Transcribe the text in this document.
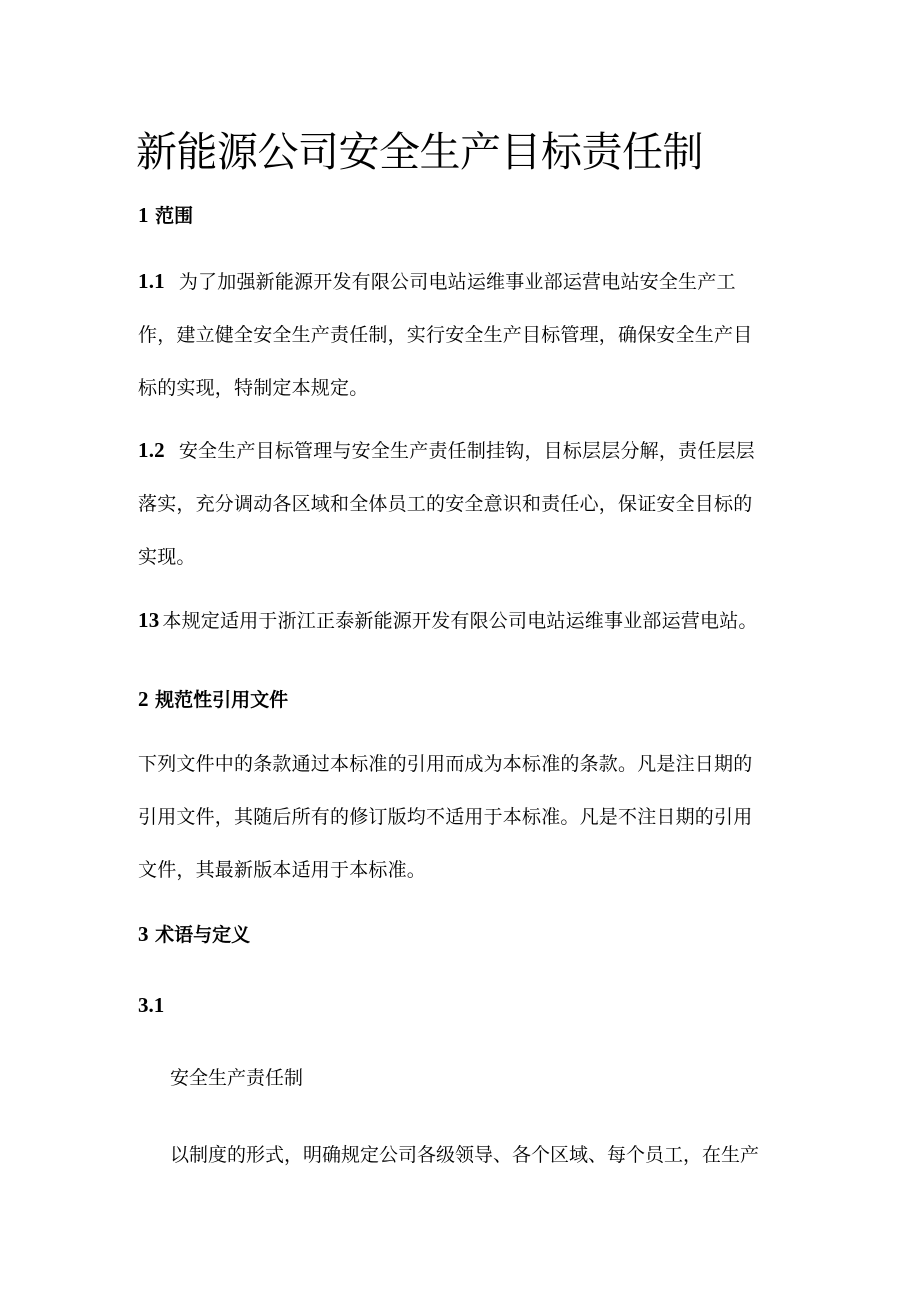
新能源公司安全生产目标责任制
1 范围
1.1 为了加强新能源开发有限公司电站运维事业部运营电站安全生产工
作，建立健全安全生产责任制，实行安全生产目标管理，确保安全生产目
标的实现，特制定本规定。
1.2 安全生产目标管理与安全生产责任制挂钩，目标层层分解，责任层层
落实，充分调动各区域和全体员工的安全意识和责任心，保证安全目标的
实现。
13 本规定适用于浙江正泰新能源开发有限公司电站运维事业部运营电站。
2 规范性引用文件
下列文件中的条款通过本标准的引用而成为本标准的条款。凡是注日期的
引用文件，其随后所有的修订版均不适用于本标准。凡是不注日期的引用
文件，其最新版本适用于本标准。
3 术语与定义
3.1
安全生产责任制
以制度的形式，明确规定公司各级领导、各个区域、每个员工，在生产
